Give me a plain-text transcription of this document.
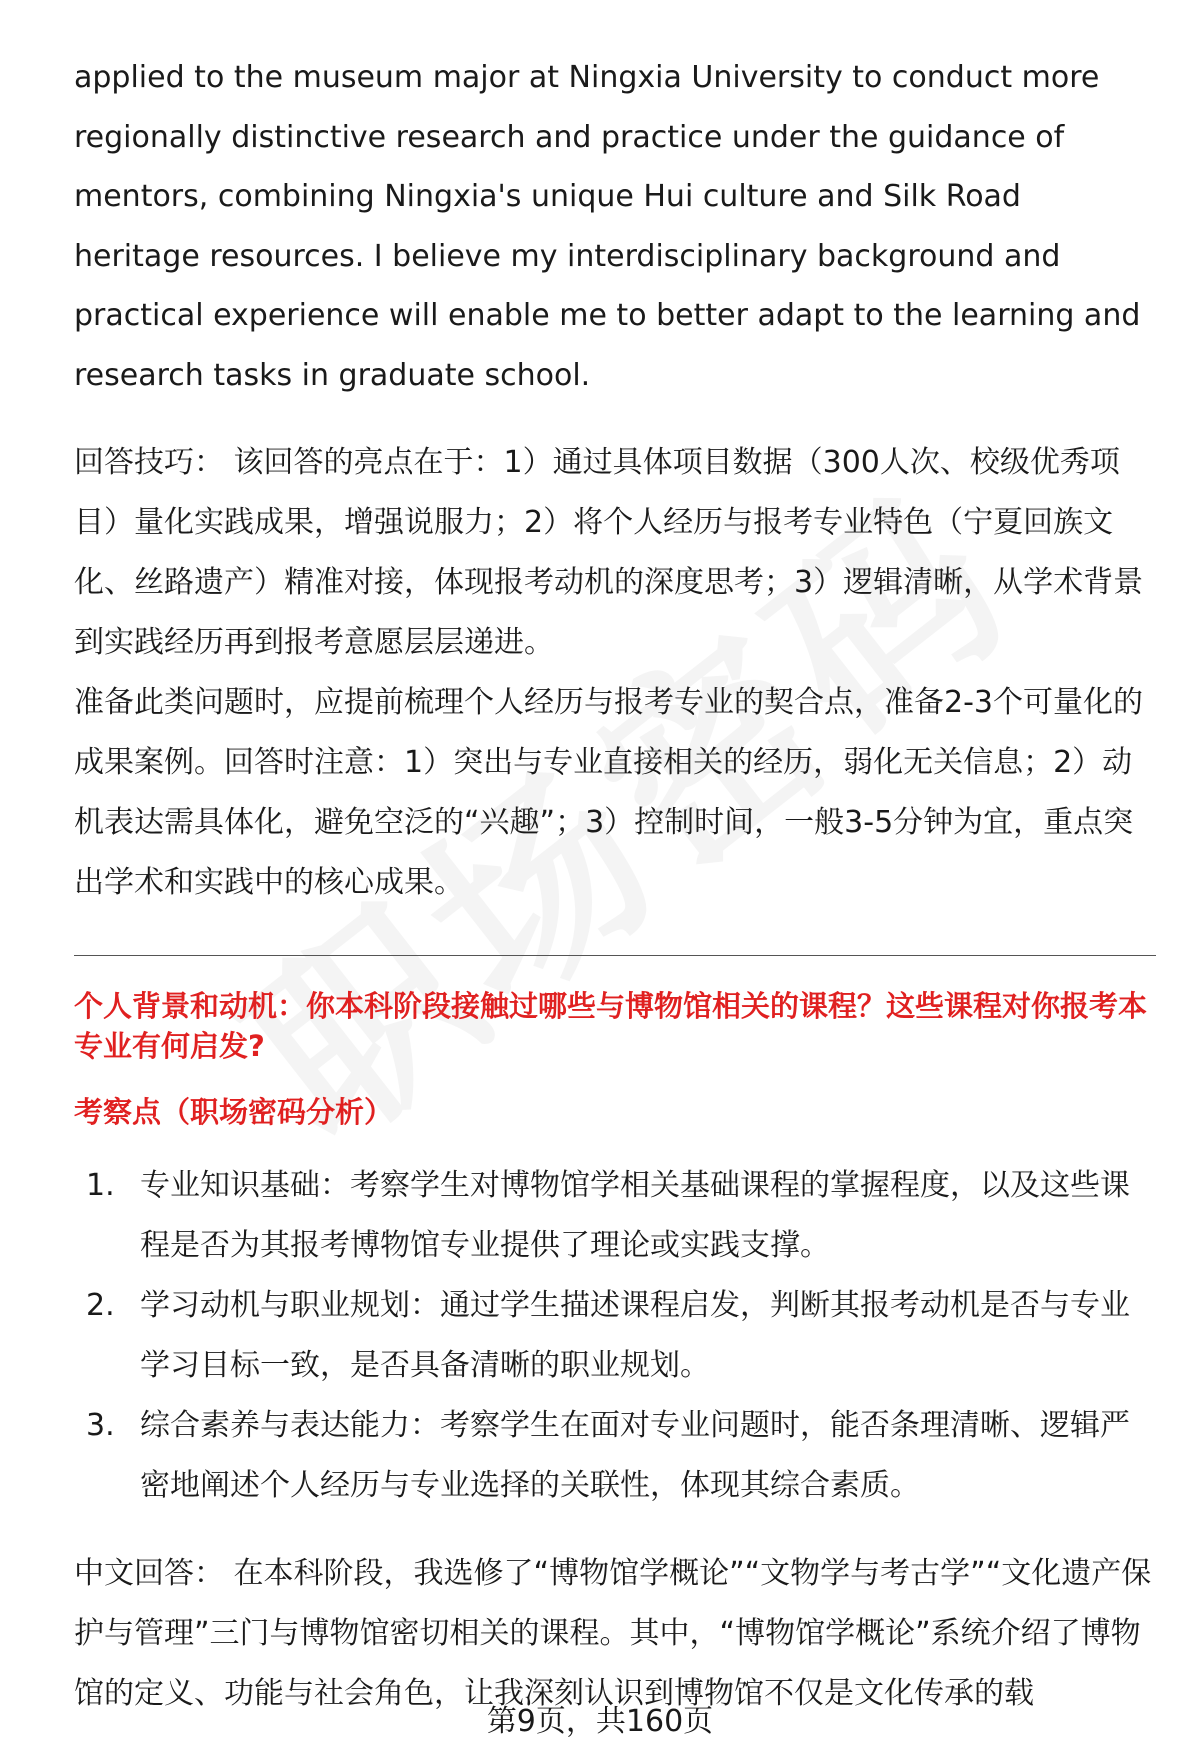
applied to the museum major at Ningxia University to conduct more regionally distinctive research and practice under the guidance of mentors, combining Ningxia's unique Hui culture and Silk Road heritage resources. I believe my interdisciplinary background and practical experience will enable me to better adapt to the learning and research tasks in graduate school.

回答技巧： 该回答的亮点在于：1）通过具体项目数据（300人次、校级优秀项目）量化实践成果，增强说服力；2）将个人经历与报考专业特色（宁夏回族文化、丝路遗产）精准对接，体现报考动机的深度思考；3）逻辑清晰，从学术背景到实践经历再到报考意愿层层递进。

准备此类问题时，应提前梳理个人经历与报考专业的契合点，准备2-3个可量化的成果案例。回答时注意：1）突出与专业直接相关的经历，弱化无关信息；2）动机表达需具体化，避免空泛的“兴趣”；3）控制时间，一般3-5分钟为宜，重点突出学术和实践中的核心成果。

个人背景和动机：你本科阶段接触过哪些与博物馆相关的课程？这些课程对你报考本专业有何启发?

考察点（职场密码分析）

1. 专业知识基础：考察学生对博物馆学相关基础课程的掌握程度，以及这些课程是否为其报考博物馆专业提供了理论或实践支撑。
2. 学习动机与职业规划：通过学生描述课程启发，判断其报考动机是否与专业学习目标一致，是否具备清晰的职业规划。
3. 综合素养与表达能力：考察学生在面对专业问题时，能否条理清晰、逻辑严密地阐述个人经历与专业选择的关联性，体现其综合素质。

中文回答： 在本科阶段，我选修了“博物馆学概论”“文物学与考古学”“文化遗产保护与管理”三门与博物馆密切相关的课程。其中，“博物馆学概论”系统介绍了博物馆的定义、功能与社会角色，让我深刻认识到博物馆不仅是文化传承的载

第9页，共160页
